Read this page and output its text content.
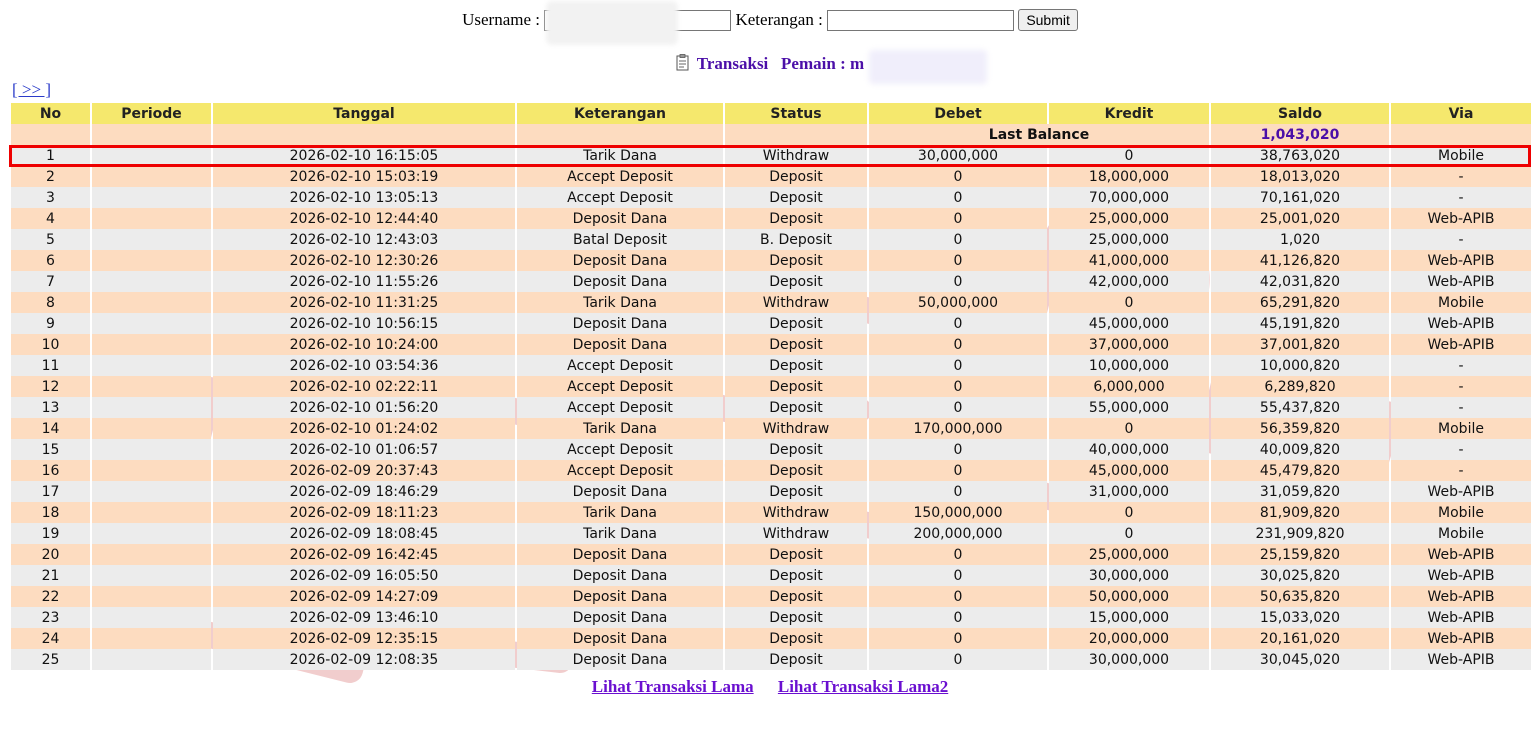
Username :	Keterangan :	Submit
Transaksi Pemain : m
[ >> ]
No	Periode	Tanggal	Keterangan	Status	Debet	Kredit	Saldo	Via
					Last Balance		1,043,020	
1		2026-02-10 16:15:05	Tarik Dana	Withdraw	30,000,000	0	38,763,020	Mobile
2		2026-02-10 15:03:19	Accept Deposit	Deposit	0	18,000,000	18,013,020	-
3		2026-02-10 13:05:13	Accept Deposit	Deposit	0	70,000,000	70,161,020	-
4		2026-02-10 12:44:40	Deposit Dana	Deposit	0	25,000,000	25,001,020	Web-APIB
5		2026-02-10 12:43:03	Batal Deposit	B. Deposit	0	25,000,000	1,020	-
6		2026-02-10 12:30:26	Deposit Dana	Deposit	0	41,000,000	41,126,820	Web-APIB
7		2026-02-10 11:55:26	Deposit Dana	Deposit	0	42,000,000	42,031,820	Web-APIB
8		2026-02-10 11:31:25	Tarik Dana	Withdraw	50,000,000	0	65,291,820	Mobile
9		2026-02-10 10:56:15	Deposit Dana	Deposit	0	45,000,000	45,191,820	Web-APIB
10		2026-02-10 10:24:00	Deposit Dana	Deposit	0	37,000,000	37,001,820	Web-APIB
11		2026-02-10 03:54:36	Accept Deposit	Deposit	0	10,000,000	10,000,820	-
12		2026-02-10 02:22:11	Accept Deposit	Deposit	0	6,000,000	6,289,820	-
13		2026-02-10 01:56:20	Accept Deposit	Deposit	0	55,000,000	55,437,820	-
14		2026-02-10 01:24:02	Tarik Dana	Withdraw	170,000,000	0	56,359,820	Mobile
15		2026-02-10 01:06:57	Accept Deposit	Deposit	0	40,000,000	40,009,820	-
16		2026-02-09 20:37:43	Accept Deposit	Deposit	0	45,000,000	45,479,820	-
17		2026-02-09 18:46:29	Deposit Dana	Deposit	0	31,000,000	31,059,820	Web-APIB
18		2026-02-09 18:11:23	Tarik Dana	Withdraw	150,000,000	0	81,909,820	Mobile
19		2026-02-09 18:08:45	Tarik Dana	Withdraw	200,000,000	0	231,909,820	Mobile
20		2026-02-09 16:42:45	Deposit Dana	Deposit	0	25,000,000	25,159,820	Web-APIB
21		2026-02-09 16:05:50	Deposit Dana	Deposit	0	30,000,000	30,025,820	Web-APIB
22		2026-02-09 14:27:09	Deposit Dana	Deposit	0	50,000,000	50,635,820	Web-APIB
23		2026-02-09 13:46:10	Deposit Dana	Deposit	0	15,000,000	15,033,020	Web-APIB
24		2026-02-09 12:35:15	Deposit Dana	Deposit	0	20,000,000	20,161,020	Web-APIB
25		2026-02-09 12:08:35	Deposit Dana	Deposit	0	30,000,000	30,045,020	Web-APIB
Lihat Transaksi Lama Lihat Transaksi Lama2
